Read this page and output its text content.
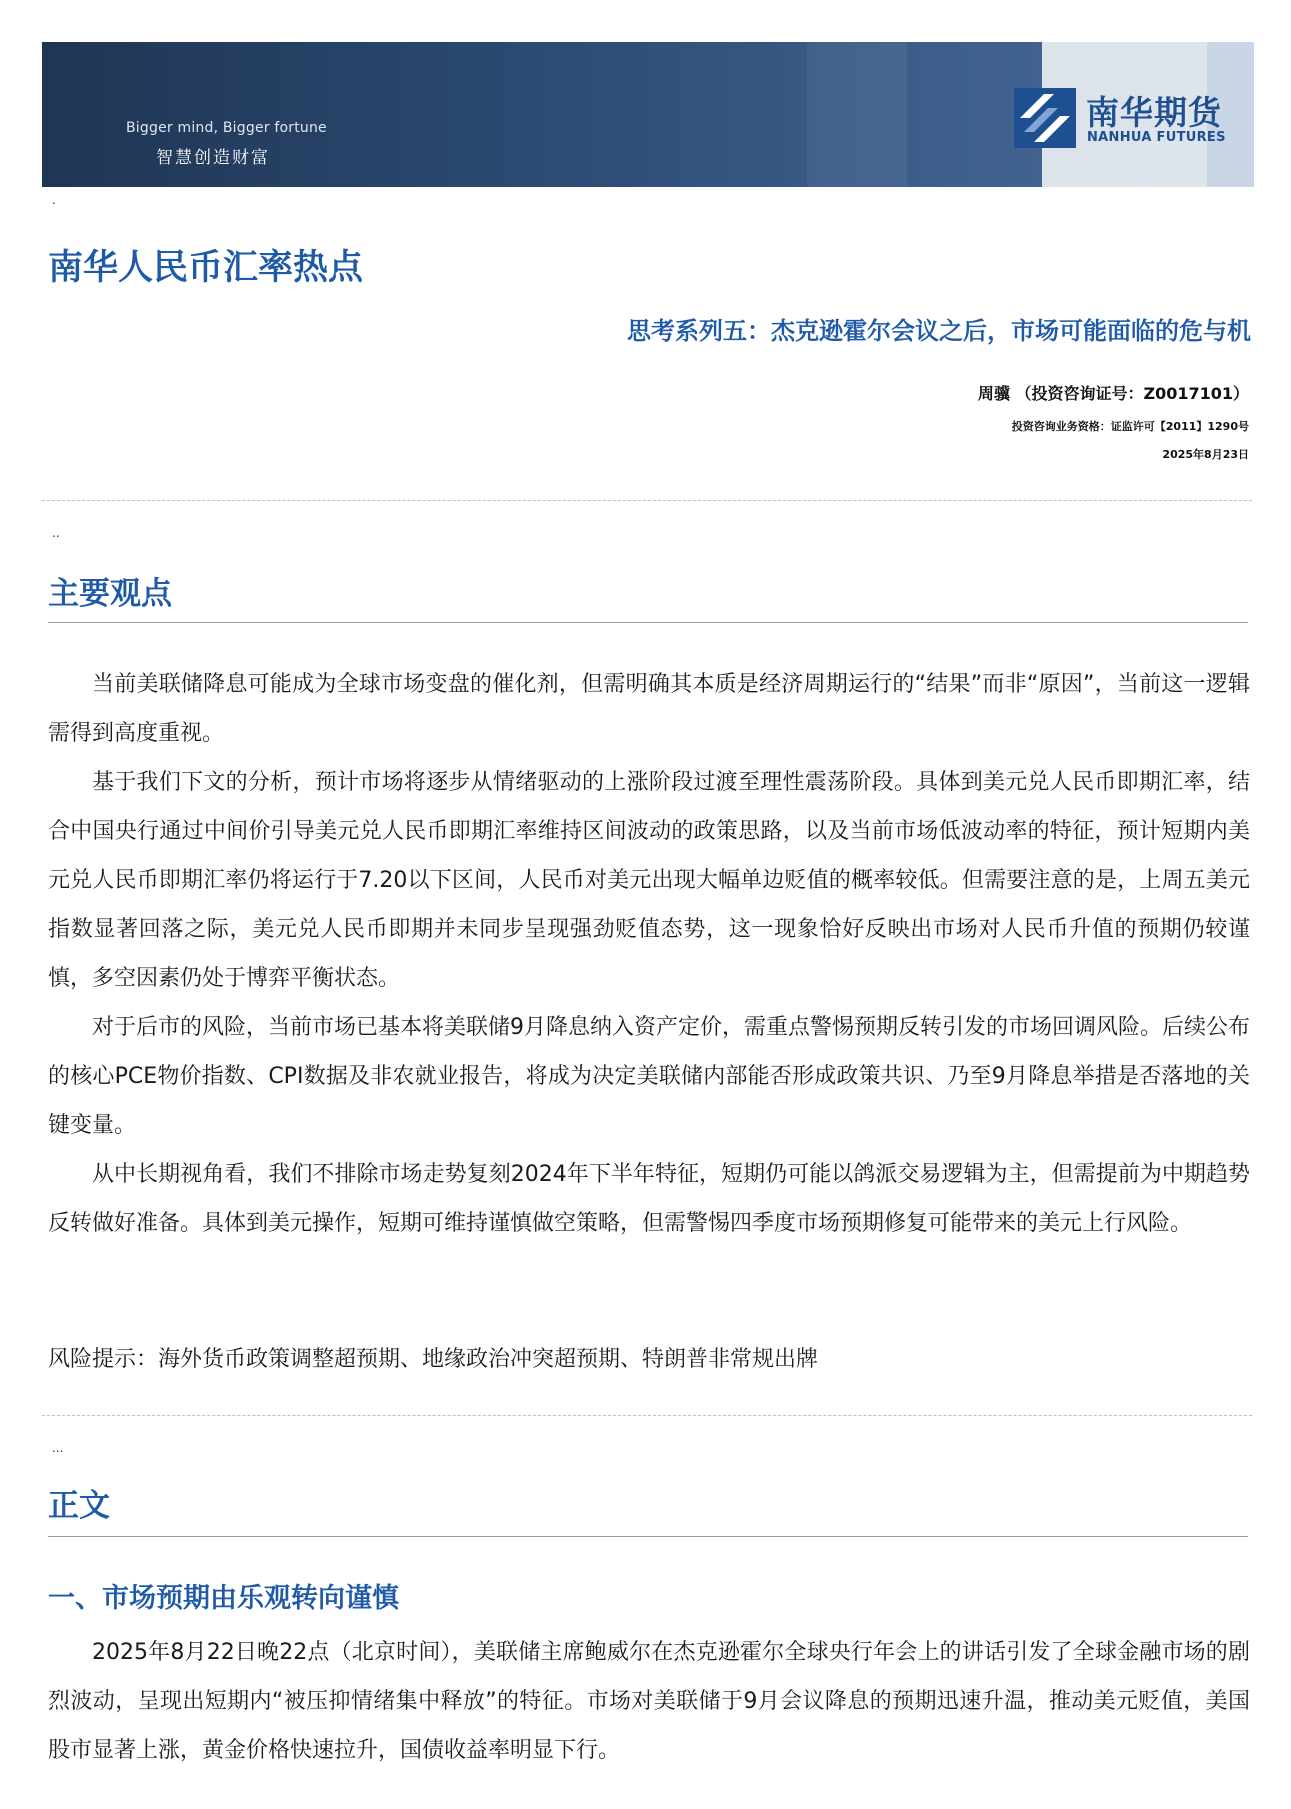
Bigger mind, Bigger fortune
智慧创造财富
南华期货
NANHUA FUTURES
.
南华人民币汇率热点
思考系列五：杰克逊霍尔会议之后，市场可能面临的危与机
周骥 （投资咨询证号：Z0017101）
投资咨询业务资格：证监许可【2011】1290号
2025年8月23日
..
主要观点

当前美联储降息可能成为全球市场变盘的催化剂，但需明确其本质是经济周期运行的“结果”而非“原因”，当前这一逻辑需得到高度重视。

基于我们下文的分析，预计市场将逐步从情绪驱动的上涨阶段过渡至理性震荡阶段。具体到美元兑人民币即期汇率，结合中国央行通过中间价引导美元兑人民币即期汇率维持区间波动的政策思路，以及当前市场低波动率的特征，预计短期内美元兑人民币即期汇率仍将运行于7.20以下区间，人民币对美元出现大幅单边贬值的概率较低。但需要注意的是，上周五美元指数显著回落之际，美元兑人民币即期并未同步呈现强劲贬值态势，这一现象恰好反映出市场对人民币升值的预期仍较谨慎，多空因素仍处于博弈平衡状态。

对于后市的风险，当前市场已基本将美联储9月降息纳入资产定价，需重点警惕预期反转引发的市场回调风险。后续公布的核心PCE物价指数、CPI数据及非农就业报告，将成为决定美联储内部能否形成政策共识、乃至9月降息举措是否落地的关键变量。

从中长期视角看，我们不排除市场走势复刻2024年下半年特征，短期仍可能以鸽派交易逻辑为主，但需提前为中期趋势反转做好准备。具体到美元操作，短期可维持谨慎做空策略，但需警惕四季度市场预期修复可能带来的美元上行风险。

风险提示：海外货币政策调整超预期、地缘政治冲突超预期、特朗普非常规出牌
...
正文
一、市场预期由乐观转向谨慎

2025年8月22日晚22点（北京时间），美联储主席鲍威尔在杰克逊霍尔全球央行年会上的讲话引发了全球金融市场的剧烈波动，呈现出短期内“被压抑情绪集中释放”的特征。市场对美联储于9月会议降息的预期迅速升温，推动美元贬值，美国股市显著上涨，黄金价格快速拉升，国债收益率明显下行。
